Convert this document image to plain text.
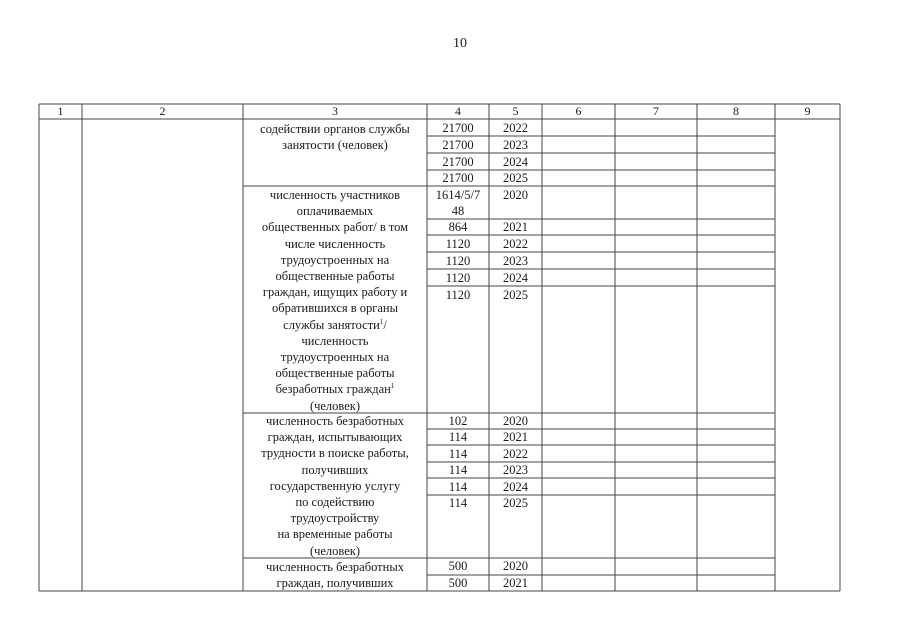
10
1	2	3	4	5	6	7	8	9
содействии органов службы
занятости (человек)
21700	2022
21700	2023
21700	2024
21700	2025
численность участников
оплачиваемых
общественных работ/ в том
числе численность
трудоустроенных на
общественные работы
граждан, ищущих работу и
обратившихся в органы
службы занятости$^1$/
численность
трудоустроенных на
общественные работы
безработных граждан$^1$
(человек)
1614/5/7	2020
48
864	2021
1120	2022
1120	2023
1120	2024
1120	2025
численность безработных
граждан, испытывающих
трудности в поиске работы,
получивших
государственную услугу
по содействию
трудоустройству
на временные работы
(человек)
102	2020
114	2021
114	2022
114	2023
114	2024
114	2025
численность безработных
граждан, получивших
500	2020
500	2021
